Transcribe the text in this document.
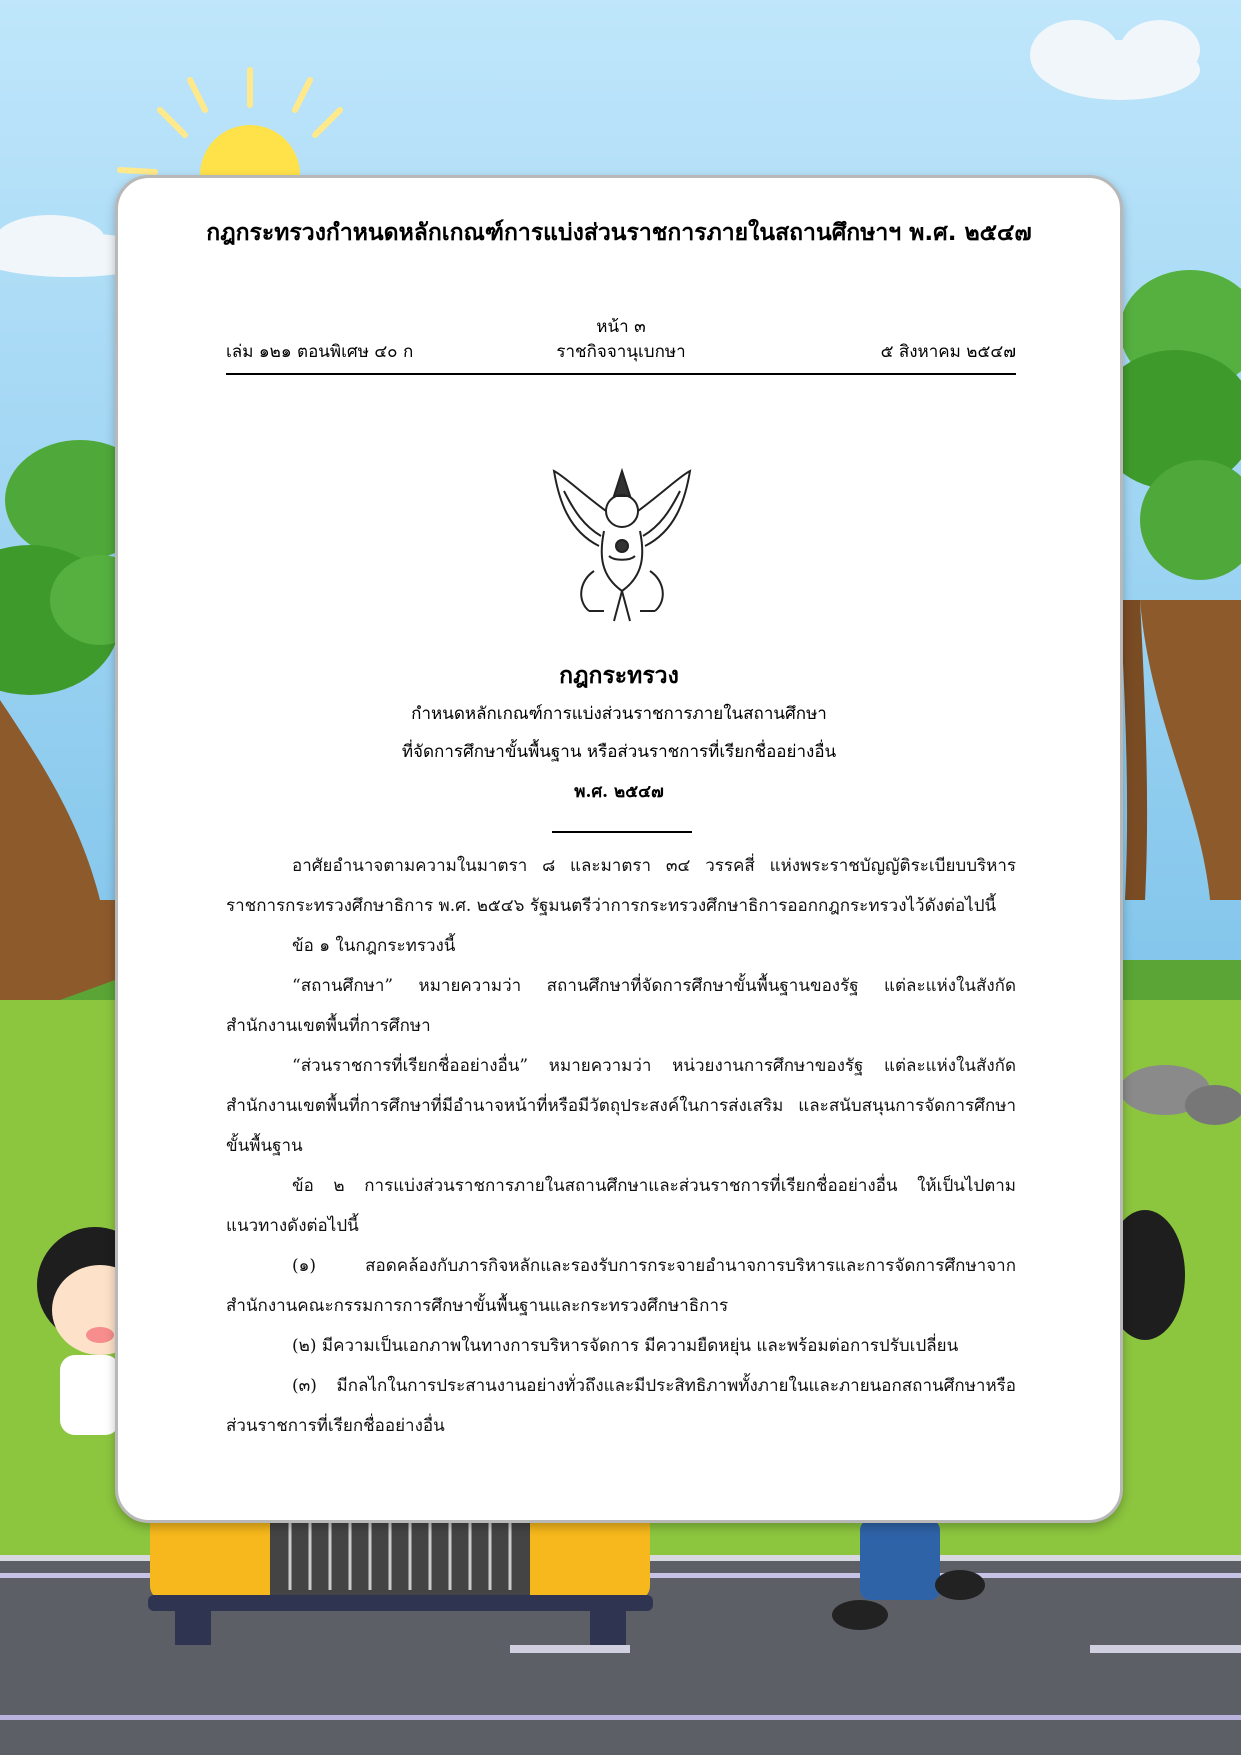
กฎกระทรวงกำหนดหลักเกณฑ์การแบ่งส่วนราชการภายในสถานศึกษาฯ พ.ศ. ๒๕๔๗
หน้า ๓
เล่ม ๑๒๑ ตอนพิเศษ ๔๐ ก	ราชกิจจานุเบกษา	๕ สิงหาคม ๒๕๔๗
กฎกระทรวง
กำหนดหลักเกณฑ์การแบ่งส่วนราชการภายในสถานศึกษา
ที่จัดการศึกษาขั้นพื้นฐาน หรือส่วนราชการที่เรียกชื่ออย่างอื่น
พ.ศ. ๒๕๔๗

อาศัยอำนาจตามความในมาตรา ๘ และมาตรา ๓๔ วรรคสี่ แห่งพระราชบัญญัติระเบียบบริหารราชการกระทรวงศึกษาธิการ พ.ศ. ๒๕๔๖ รัฐมนตรีว่าการกระทรวงศึกษาธิการออกกฎกระทรวงไว้ดังต่อไปนี้

ข้อ ๑ ในกฎกระทรวงนี้

“สถานศึกษา” หมายความว่า สถานศึกษาที่จัดการศึกษาขั้นพื้นฐานของรัฐ แต่ละแห่งในสังกัดสำนักงานเขตพื้นที่การศึกษา

“ส่วนราชการที่เรียกชื่ออย่างอื่น” หมายความว่า หน่วยงานการศึกษาของรัฐ แต่ละแห่งในสังกัดสำนักงานเขตพื้นที่การศึกษาที่มีอำนาจหน้าที่หรือมีวัตถุประสงค์ในการส่งเสริม และสนับสนุนการจัดการศึกษาขั้นพื้นฐาน

ข้อ ๒ การแบ่งส่วนราชการภายในสถานศึกษาและส่วนราชการที่เรียกชื่ออย่างอื่น ให้เป็นไปตามแนวทางดังต่อไปนี้

(๑) สอดคล้องกับภารกิจหลักและรองรับการกระจายอำนาจการบริหารและการจัดการศึกษาจากสำนักงานคณะกรรมการการศึกษาขั้นพื้นฐานและกระทรวงศึกษาธิการ

(๒) มีความเป็นเอกภาพในทางการบริหารจัดการ มีความยืดหยุ่น และพร้อมต่อการปรับเปลี่ยน

(๓) มีกลไกในการประสานงานอย่างทั่วถึงและมีประสิทธิภาพทั้งภายในและภายนอกสถานศึกษาหรือส่วนราชการที่เรียกชื่ออย่างอื่น
